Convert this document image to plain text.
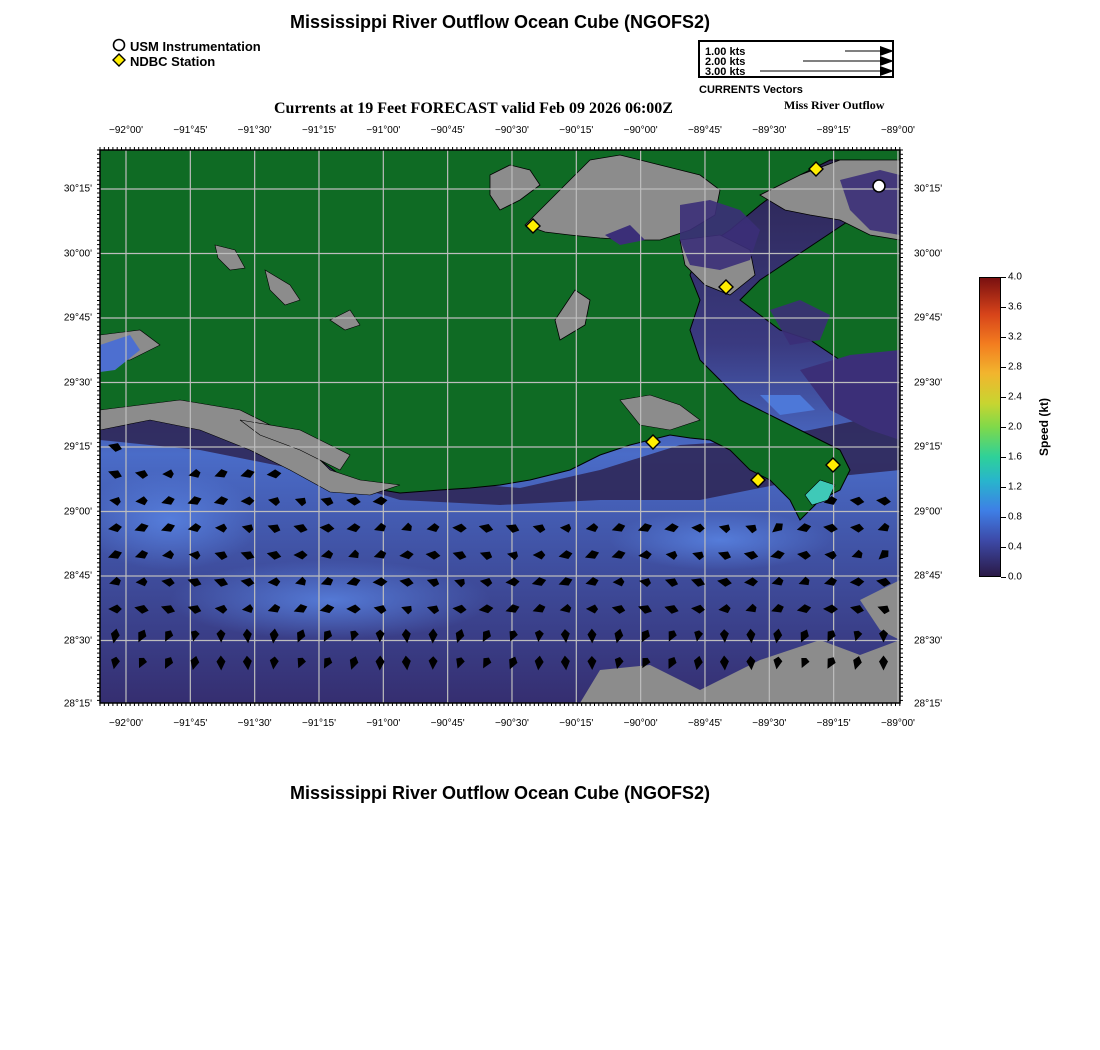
Mississippi River Outflow Ocean Cube (NGOFS2)
USM Instrumentation
NDBC Station
1.00 kts
2.00 kts
3.00 kts
CURRENTS Vectors
Currents at 19 Feet FORECAST valid Feb 09 2026 06:00Z	Miss River Outflow
−92°00'	−91°45'	−91°30'	−91°15'	−91°00'	−90°45'	−90°30'	−90°15'	−90°00'	−89°45'	−89°30'	−89°15'	−89°00'
−92°00'	−91°45'	−91°30'	−91°15'	−91°00'	−90°45'	−90°30'	−90°15'	−90°00'	−89°45'	−89°30'	−89°15'	−89°00'
30°15'
30°00'
29°45'
29°30'
29°15'
29°00'
28°45'
28°30'
28°15'
30°15'
30°00'
29°45'
29°30'
29°15'
29°00'
28°45'
28°30'
28°15'
4.0
3.6
3.2
2.8
2.4
2.0
1.6
1.2
0.8
0.4
0.0
Speed (kt)
Mississippi River Outflow Ocean Cube (NGOFS2)
